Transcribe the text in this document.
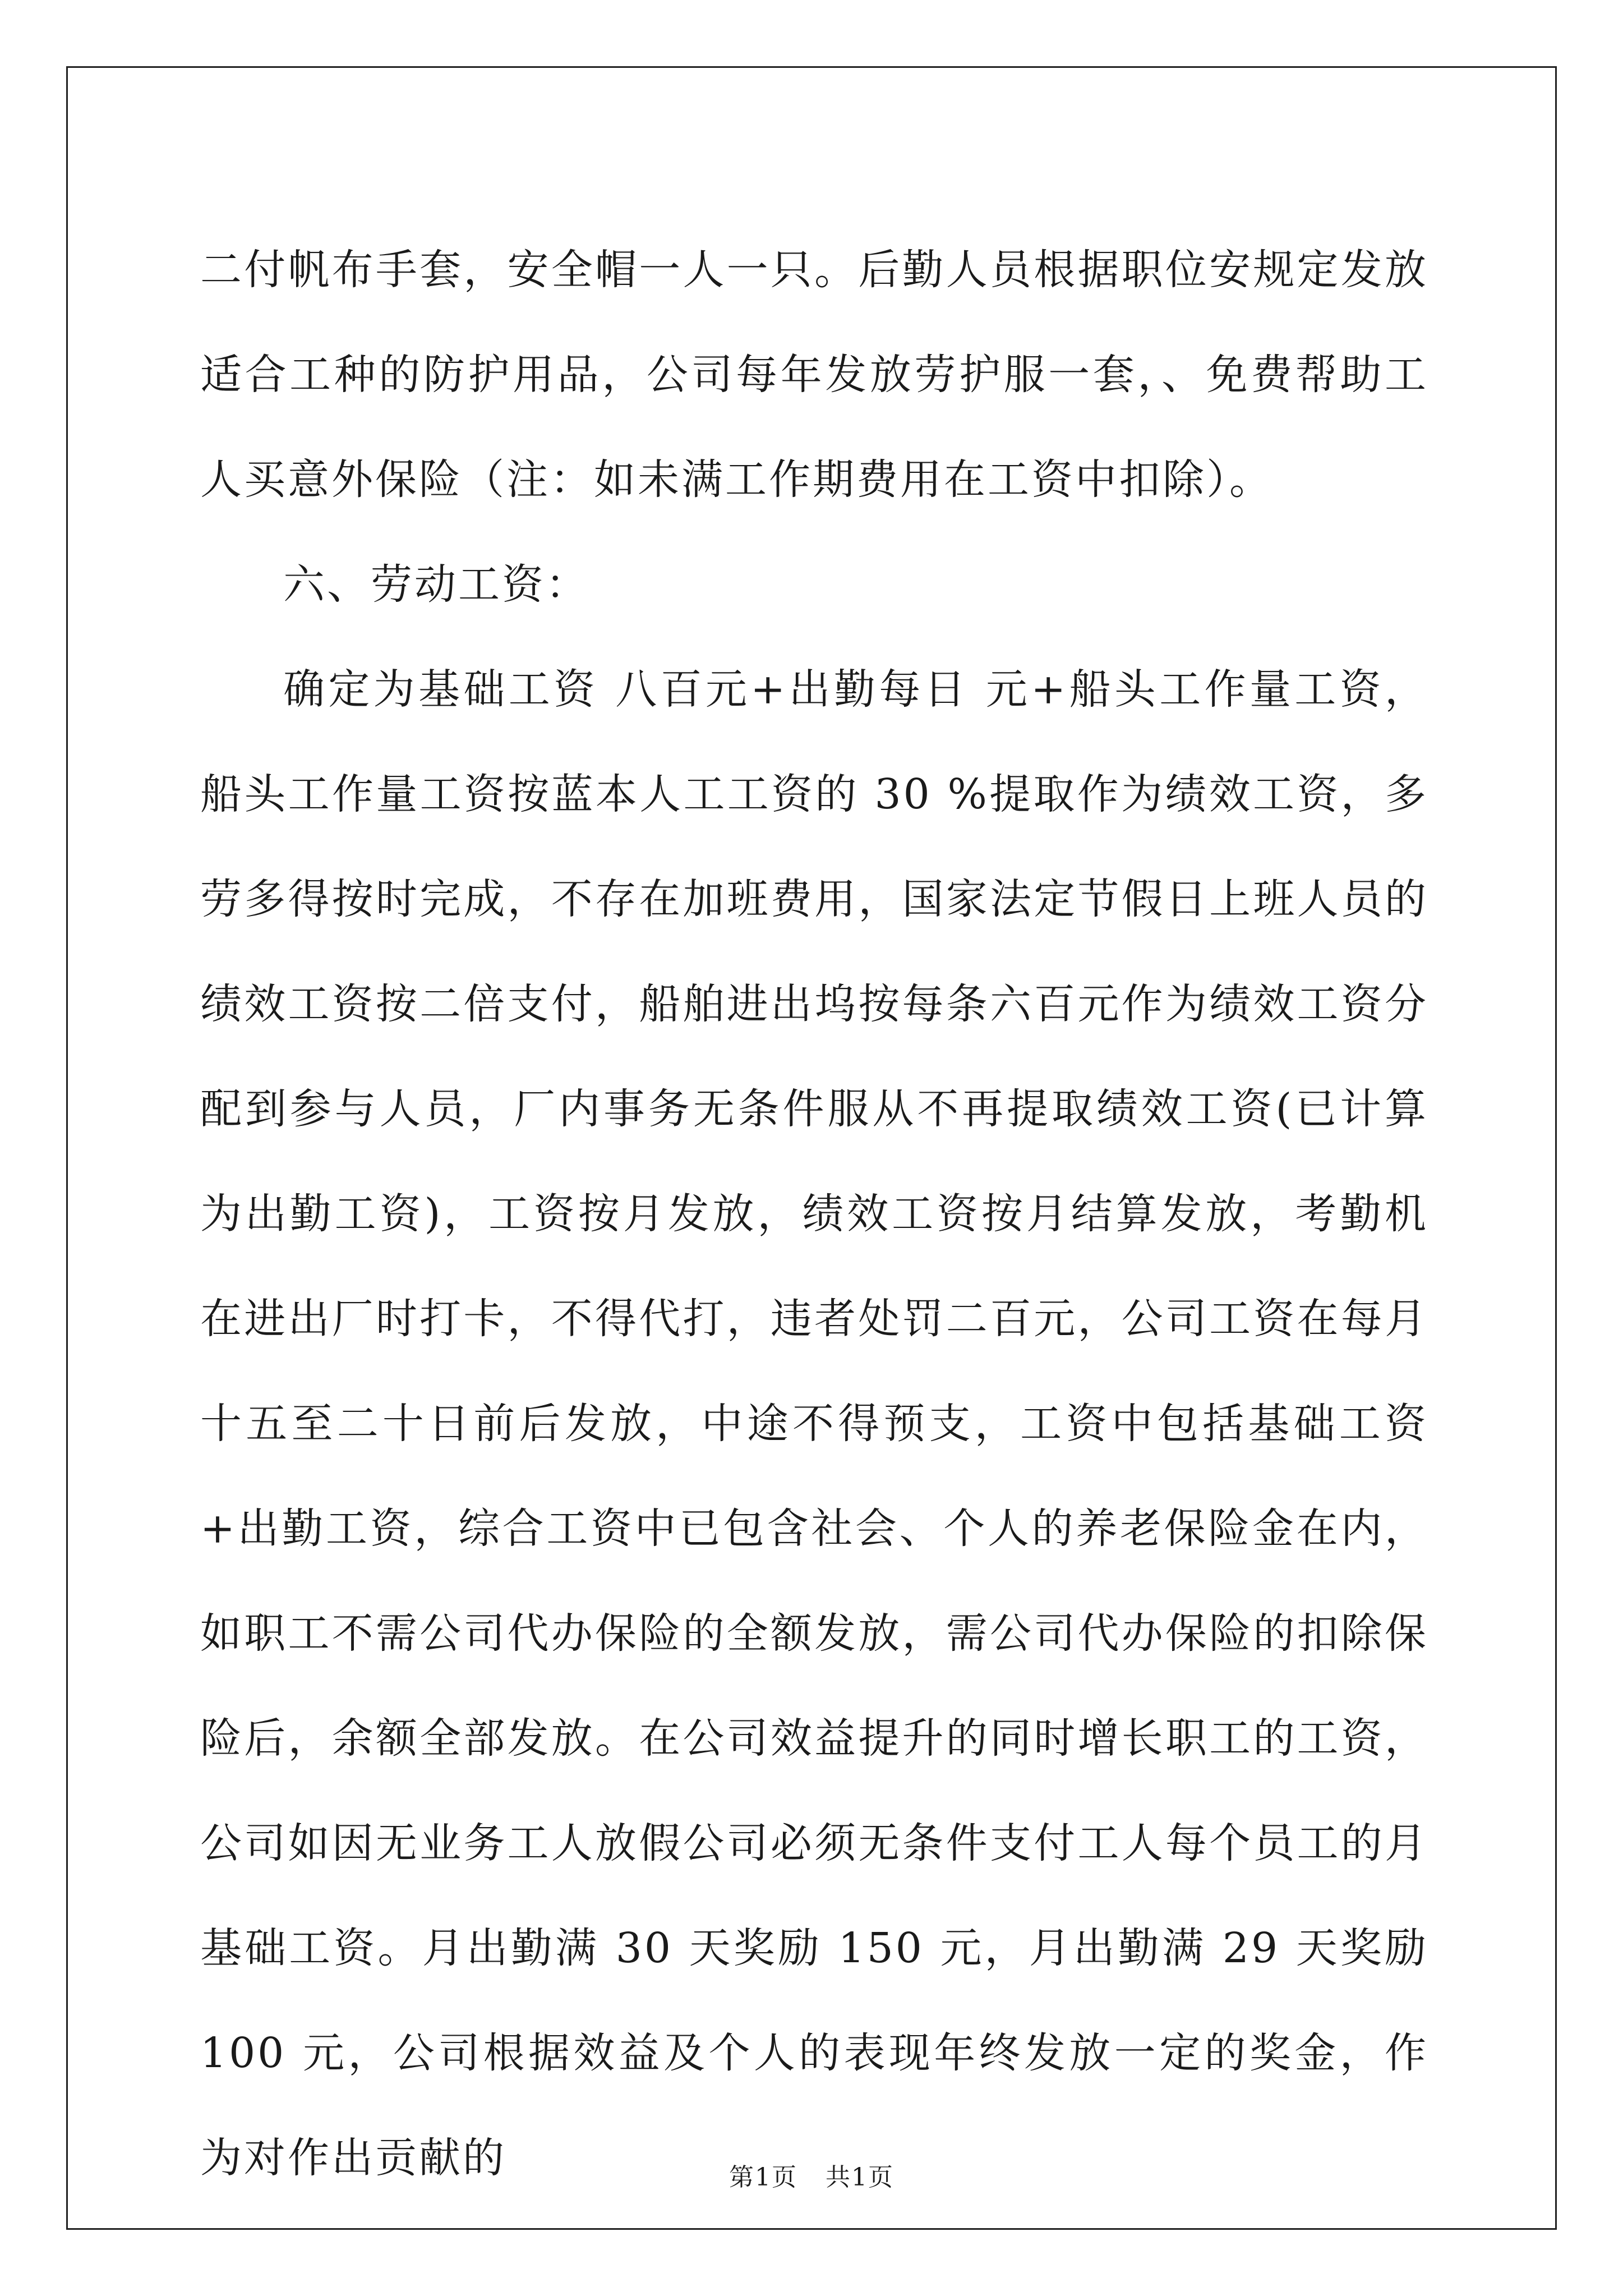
二付帆布手套，安全帽一人一只。后勤人员根据职位安规定发放适合工种的防护用品，公司每年发放劳护服一套，、免费帮助工人买意外保险（注：如未满工作期费用在工资中扣除）。

六、劳动工资：

确定为基础工资 八百元+出勤每日 元+船头工作量工资，船头工作量工资按蓝本人工工资的 30 %提取作为绩效工资，多劳多得按时完成，不存在加班费用，国家法定节假日上班人员的绩效工资按二倍支付，船舶进出坞按每条六百元作为绩效工资分配到参与人员，厂内事务无条件服从不再提取绩效工资(已计算为出勤工资)，工资按月发放，绩效工资按月结算发放，考勤机在进出厂时打卡，不得代打，违者处罚二百元，公司工资在每月十五至二十日前后发放，中途不得预支，工资中包括基础工资+出勤工资，综合工资中已包含社会、个人的养老保险金在内，如职工不需公司代办保险的全额发放，需公司代办保险的扣除保险后，余额全部发放。在公司效益提升的同时增长职工的工资，公司如因无业务工人放假公司必须无条件支付工人每个员工的月基础工资。月出勤满 30 天奖励 150 元，月出勤满 29 天奖励 100 元，公司根据效益及个人的表现年终发放一定的奖金，作为对作出贡献的	第1页 共1页
